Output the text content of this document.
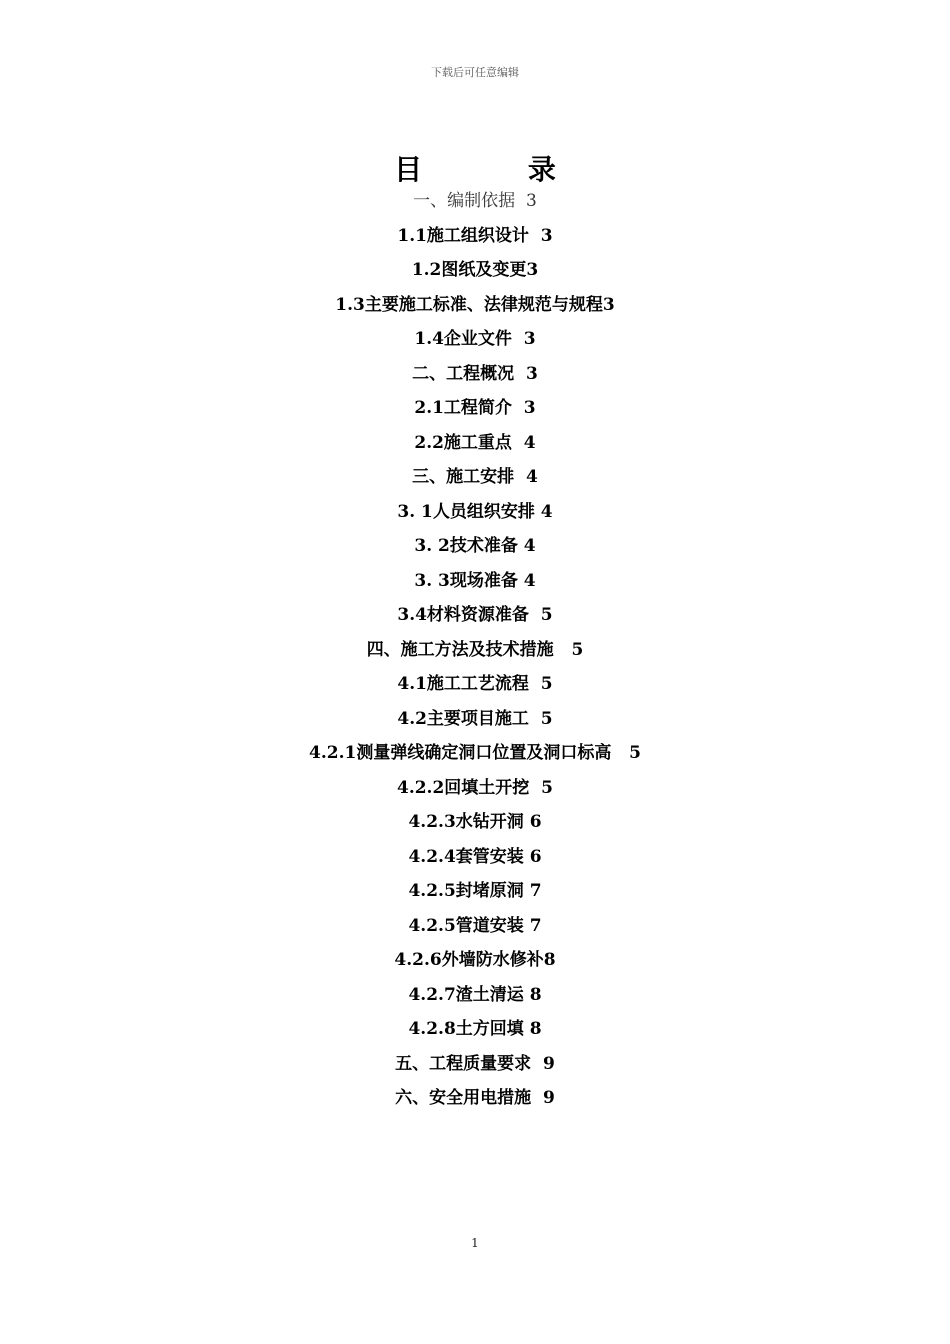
下载后可任意编辑
目 录
一、编制依据 3
1.1施工组织设计 3
1.2图纸及变更3
1.3主要施工标准、法律规范与规程3
1.4企业文件 3
二、工程概况 3
2.1工程简介 3
2.2施工重点 4
三、施工安排 4
3. 1人员组织安排 4
3. 2技术准备 4
3. 3现场准备 4
3.4材料资源准备 5
四、施工方法及技术措施 5
4.1施工工艺流程 5
4.2主要项目施工 5
4.2.1测量弹线确定洞口位置及洞口标高 5
4.2.2回填土开挖 5
4.2.3水钻开洞 6
4.2.4套管安装 6
4.2.5封堵原洞 7
4.2.5管道安装 7
4.2.6外墙防水修补8
4.2.7渣土清运 8
4.2.8土方回填 8
五、工程质量要求 9
六、安全用电措施 9
1
